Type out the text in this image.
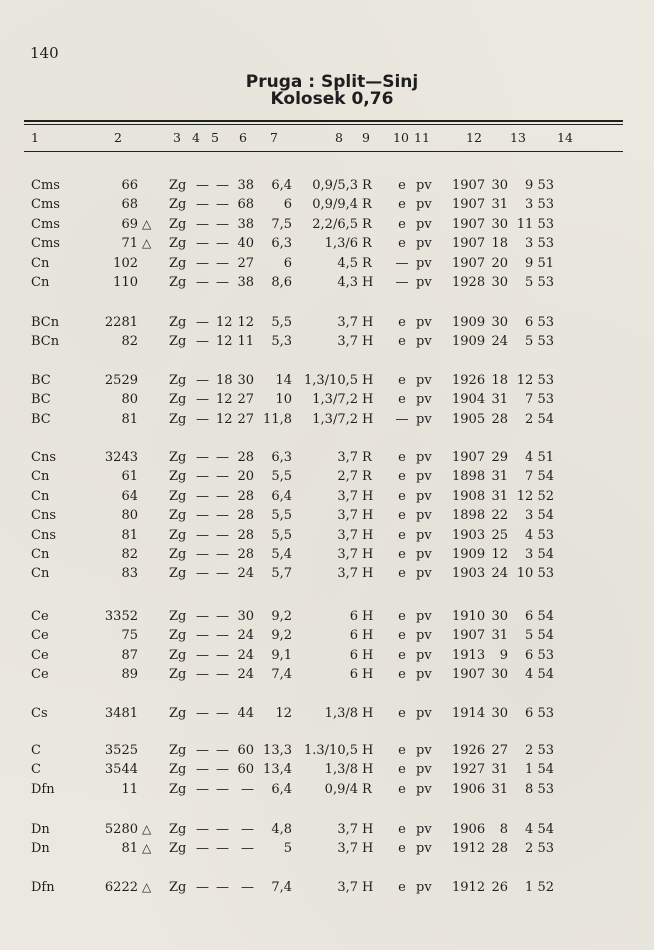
140
Pruga : Split—Sinj
Kolosek 0,76
1	2	3 4 5 6 7	8 9 10 11	12 13 14
Cms	66 Zg — — 38	6,4	0,9/5,3 R	e pv 1907 30	9 53
Cms	68 Zg — — 68	6	0,9/9,4 R	e pv 1907 31	3 53
Cms	69 △ Zg — — 38	7,5	2,2/6,5 R	e pv 1907 30 11 53
Cms	71 △ Zg — — 40	6,3	1,3/6 R	e pv 1907 18	3 53
Cn	102 Zg — — 27	6	4,5 R — pv 1907 20	9 51
Cn	110 Zg — — 38	8,6	4,3 H — pv 1928 30	5 53
BCn	2281 Zg — 12 12	5,5	3,7 H	e pv 1909 30	6 53
BCn	82 Zg — 12 11	5,3	3,7 H	e pv 1909 24	5 53
BC	2529 Zg — 18 30	14 1,3/10,5 H	e pv 1926 18 12 53
BC	80 Zg — 12 27	10	1,3/7,2 H	e pv 1904 31	7 53
BC	81 Zg — 12 27 11,8	1,3/7,2 H — pv 1905 28	2 54
Cns	3243 Zg — — 28	6,3	3,7 R	e pv 1907 29	4 51
Cn	61 Zg — — 20	5,5	2,7 R	e pv 1898 31	7 54
Cn	64 Zg — — 28	6,4	3,7 H	e pv 1908 31 12 52
Cns	80 Zg — — 28	5,5	3,7 H	e pv 1898 22	3 54
Cns	81 Zg — — 28	5,5	3,7 H	e pv 1903 25	4 53
Cn	82 Zg — — 28	5,4	3,7 H	e pv 1909 12	3 54
Cn	83 Zg — — 24	5,7	3,7 H	e pv 1903 24 10 53
Ce	3352 Zg — — 30	9,2	6 H	e pv 1910 30	6 54
Ce	75 Zg — — 24	9,2	6 H	e pv 1907 31	5 54
Ce	87 Zg — — 24	9,1	6 H	e pv 1913	9	6 53
Ce	89 Zg — — 24	7,4	6 H	e pv 1907 30	4 54
Cs	3481 Zg — — 44	12	1,3/8 H	e pv 1914 30	6 53
C	3525 Zg — — 60 13,3 1.3/10,5 H	e pv 1926 27	2 53
C	3544 Zg — — 60 13,4	1,3/8 H	e pv 1927 31	1 54
Dfn	11 Zg — — —	6,4	0,9/4 R	e pv 1906 31	8 53
Dn	5280 △ Zg — — —	4,8	3,7 H	e pv 1906	8	4 54
Dn	81 △ Zg — — —	5	3,7 H	e pv 1912 28	2 53
Dfn	6222 △ Zg — — —	7,4	3,7 H	e pv 1912 26	1 52
